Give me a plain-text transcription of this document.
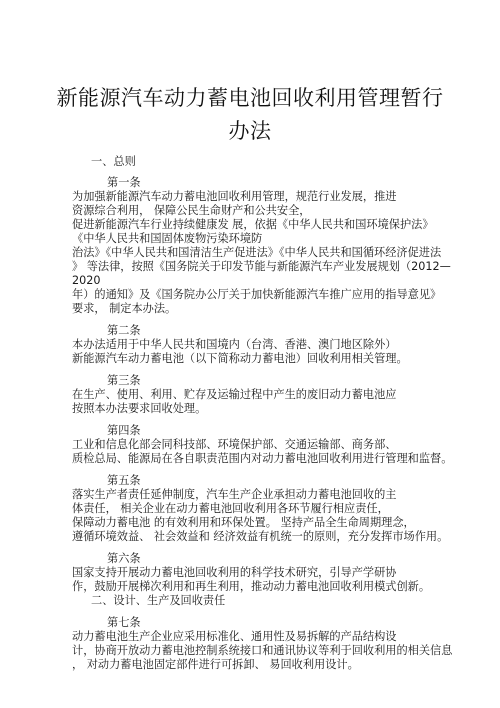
新能源汽车动力蓄电池回收利用管理暂行
办法
一、总则
第一条
为加强新能源汽车动力蓄电池回收利用管理，规范行业发展，推进
资源综合利用， 保障公民生命财产和公共安全，
促进新能源汽车行业持续健康发 展，依据《中华人民共和国环境保护法》
《中华人民共和国固体废物污染环境防
治法》《中华人民共和国清洁生产促进法》《中华人民共和国循环经济促进法
》 等法律，按照《国务院关于印发节能与新能源汽车产业发展规划（2012—
2020
年）的通知》及《国务院办公厅关于加快新能源汽车推广应用的指导意见》
要求， 制定本办法。
第二条
本办法适用于中华人民共和国境内（台湾、香港、澳门地区除外）
新能源汽车动力蓄电池（以下简称动力蓄电池）回收利用相关管理。
第三条
在生产、使用、利用、贮存及运输过程中产生的废旧动力蓄电池应
按照本办法要求回收处理。
第四条
工业和信息化部会同科技部、环境保护部、交通运输部、商务部、
质检总局、能源局在各自职责范围内对动力蓄电池回收利用进行管理和监督。
第五条
落实生产者责任延伸制度，汽车生产企业承担动力蓄电池回收的主
体责任， 相关企业在动力蓄电池回收利用各环节履行相应责任，
保障动力蓄电池 的有效利用和环保处置。 坚持产品全生命周期理念，
遵循环境效益、 社会效益和 经济效益有机统一的原则，充分发挥市场作用。
第六条
国家支持开展动力蓄电池回收利用的科学技术研究，引导产学研协
作，鼓励开展梯次利用和再生利用，推动动力蓄电池回收利用模式创新。
二、设计、生产及回收责任
第七条
动力蓄电池生产企业应采用标准化、通用性及易拆解的产品结构设
计，协商开放动力蓄电池控制系统接口和通讯协议等利于回收利用的相关信息
， 对动力蓄电池固定部件进行可拆卸、 易回收利用设计。
